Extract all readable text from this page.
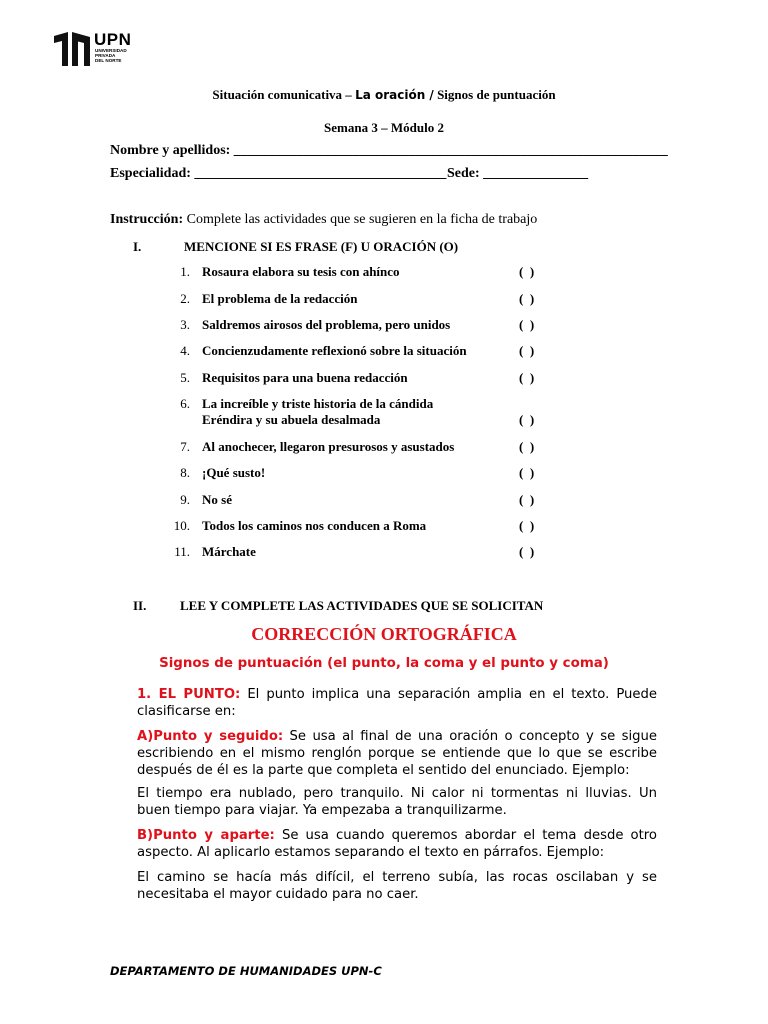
UPN
UNIVERSIDAD
PRIVADA
DEL NORTE
Situación comunicativa – La oración / Signos de puntuación
Semana 3 – Módulo 2
Nombre y apellidos: ______________________________________________________________
Especialidad: ____________________________________ Sede: _______________
Instrucción: Complete las actividades que se sugieren en la ficha de trabajo
I.	MENCIONE SI ES FRASE (F) U ORACIÓN (O)
1. Rosaura elabora su tesis con ahínco	(  )
2. El problema de la redacción	(  )
3. Saldremos airosos del problema, pero unidos	(  )
4. Concienzudamente reflexionó sobre la situación	(  )
5. Requisitos para una buena redacción	(  )
6. La increíble y triste historia de la cándida
Eréndira y su abuela desalmada	(  )
7. Al anochecer, llegaron presurosos y asustados	(  )
8. ¡Qué susto!	(  )
9. No sé	(  )
10. Todos los caminos nos conducen a Roma	(  )
11. Márchate	(  )
II.	LEE Y COMPLETE LAS ACTIVIDADES QUE SE SOLICITAN
CORRECCIÓN ORTOGRÁFICA
Signos de puntuación (el punto, la coma y el punto y coma)
1. EL PUNTO: El punto implica una separación amplia en el texto. Puede clasificarse en:
A)Punto y seguido: Se usa al final de una oración o concepto y se sigue escribiendo en el mismo renglón porque se entiende que lo que se escribe después de él es la parte que completa el sentido del enunciado. Ejemplo:
El tiempo era nublado, pero tranquilo. Ni calor ni tormentas ni lluvias. Un buen tiempo para viajar. Ya empezaba a tranquilizarme.
B)Punto y aparte: Se usa cuando queremos abordar el tema desde otro aspecto. Al aplicarlo estamos separando el texto en párrafos. Ejemplo:
El camino se hacía más difícil, el terreno subía, las rocas oscilaban y se necesitaba el mayor cuidado para no caer.
DEPARTAMENTO DE HUMANIDADES UPN-C
